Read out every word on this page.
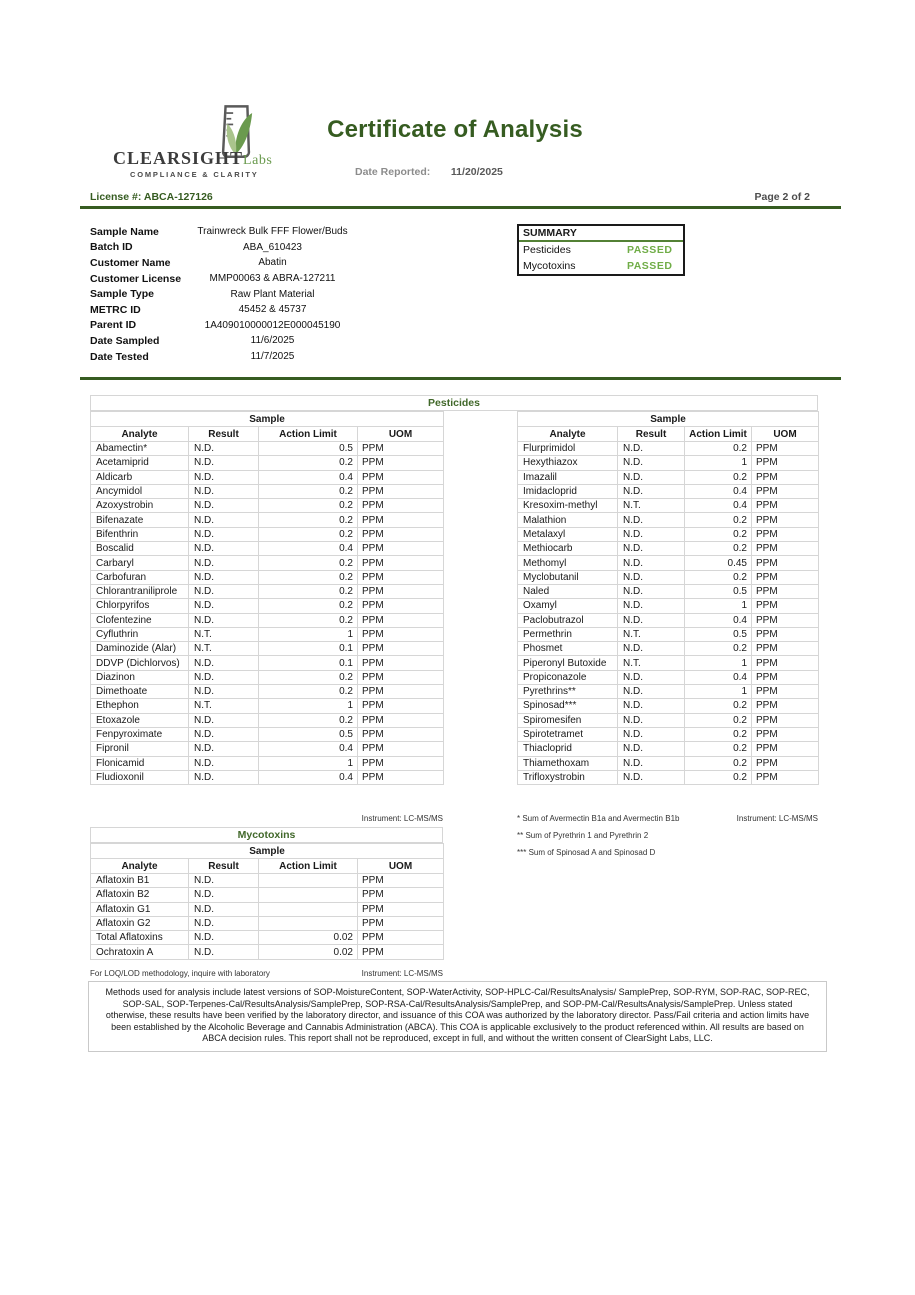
CLEARSIGHTLabs
COMPLIANCE & CLARITY
Certificate of Analysis
Date Reported: 11/20/2025
License #: ABCA-127126	Page 2 of 2
Sample Name	Trainwreck Bulk FFF Flower/Buds
Batch ID	ABA_610423
Customer Name	Abatin
Customer License	MMP00063 & ABRA-127211
Sample Type	Raw Plant Material
METRC ID	45452 & 45737
Parent ID	1A409010000012E000045190
Date Sampled	11/6/2025
Date Tested	11/7/2025
SUMMARY
Pesticides	PASSED
Mycotoxins	PASSED
Pesticides
Sample			
Analyte	Result	Action Limit	UOM
Abamectin*	N.D.	0.5	PPM
Acetamiprid	N.D.	0.2	PPM
Aldicarb	N.D.	0.4	PPM
Ancymidol	N.D.	0.2	PPM
Azoxystrobin	N.D.	0.2	PPM
Bifenazate	N.D.	0.2	PPM
Bifenthrin	N.D.	0.2	PPM
Boscalid	N.D.	0.4	PPM
Carbaryl	N.D.	0.2	PPM
Carbofuran	N.D.	0.2	PPM
Chlorantraniliprole	N.D.	0.2	PPM
Chlorpyrifos	N.D.	0.2	PPM
Clofentezine	N.D.	0.2	PPM
Cyfluthrin	N.T.	1	PPM
Daminozide (Alar)	N.T.	0.1	PPM
DDVP (Dichlorvos)	N.D.	0.1	PPM
Diazinon	N.D.	0.2	PPM
Dimethoate	N.D.	0.2	PPM
Ethephon	N.T.	1	PPM
Etoxazole	N.D.	0.2	PPM
Fenpyroximate	N.D.	0.5	PPM
Fipronil	N.D.	0.4	PPM
Flonicamid	N.D.	1	PPM
Fludioxonil	N.D.	0.4	PPM
Sample			
Analyte	Result	Action Limit	UOM
Flurprimidol	N.D.	0.2	PPM
Hexythiazox	N.D.	1	PPM
Imazalil	N.D.	0.2	PPM
Imidacloprid	N.D.	0.4	PPM
Kresoxim-methyl	N.T.	0.4	PPM
Malathion	N.D.	0.2	PPM
Metalaxyl	N.D.	0.2	PPM
Methiocarb	N.D.	0.2	PPM
Methomyl	N.D.	0.45	PPM
Myclobutanil	N.D.	0.2	PPM
Naled	N.D.	0.5	PPM
Oxamyl	N.D.	1	PPM
Paclobutrazol	N.D.	0.4	PPM
Permethrin	N.T.	0.5	PPM
Phosmet	N.D.	0.2	PPM
Piperonyl Butoxide	N.T.	1	PPM
Propiconazole	N.D.	0.4	PPM
Pyrethrins**	N.D.	1	PPM
Spinosad***	N.D.	0.2	PPM
Spiromesifen	N.D.	0.2	PPM
Spirotetramet	N.D.	0.2	PPM
Thiacloprid	N.D.	0.2	PPM
Thiamethoxam	N.D.	0.2	PPM
Trifloxystrobin	N.D.	0.2	PPM
Instrument: LC-MS/MS	* Sum of Avermectin B1a and Avermectin B1b	Instrument: LC-MS/MS
** Sum of Pyrethrin 1 and Pyrethrin 2
*** Sum of Spinosad A and Spinosad D
Mycotoxins
Sample			
Analyte	Result	Action Limit	UOM
Aflatoxin B1	N.D.		PPM
Aflatoxin B2	N.D.		PPM
Aflatoxin G1	N.D.		PPM
Aflatoxin G2	N.D.		PPM
Total Aflatoxins	N.D.	0.02	PPM
Ochratoxin A	N.D.	0.02	PPM
For LOQ/LOD methodology, inquire with laboratory	Instrument: LC-MS/MS
Methods used for analysis include latest versions of SOP-MoistureContent, SOP-WaterActivity, SOP-HPLC-Cal/ResultsAnalysis/ SamplePrep, SOP-RYM, SOP-RAC, SOP-REC, SOP-SAL, SOP-Terpenes-Cal/ResultsAnalysis/SamplePrep, SOP-RSA-Cal/ResultsAnalysis/SamplePrep, and SOP-PM-Cal/ResultsAnalysis/SamplePrep. Unless stated otherwise, these results have been verified by the laboratory director, and issuance of this COA was authorized by the laboratory director. Pass/Fail criteria and action limits have been established by the Alcoholic Beverage and Cannabis Administration (ABCA). This COA is applicable exclusively to the product referenced within. All results are based on ABCA decision rules. This report shall not be reproduced, except in full, and without the written consent of ClearSight Labs, LLC.
